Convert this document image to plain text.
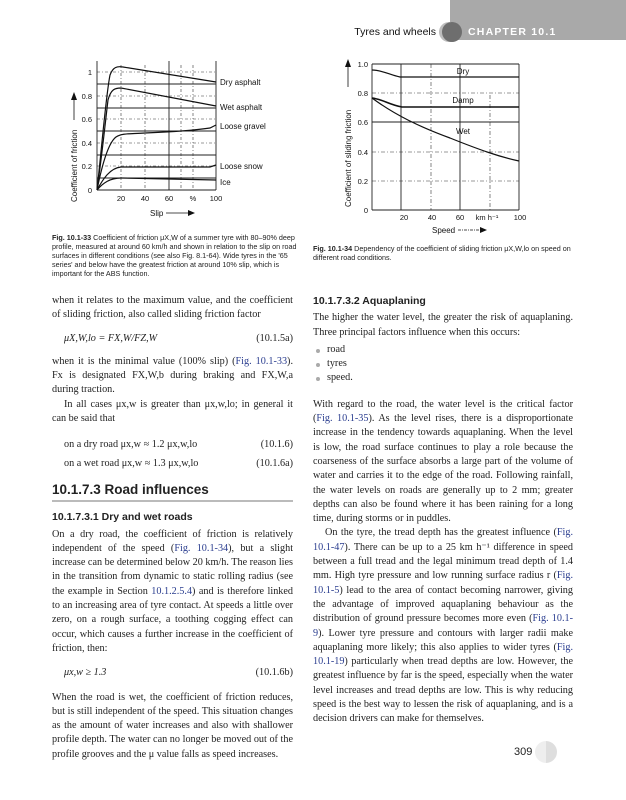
Tyres and wheels	CHAPTER 10.1
Dry asphalt
Wet asphalt
Loose gravel
Loose snow
Ice
0
0.2
0.4
0.6
0.8
1
20 40 60 % 100
Slip
Coefficient of friction
Fig. 10.1-33 Coefficient of friction μX,W of a summer tyre with 80–90% deep profile, measured at around 60 km/h and shown in relation to the slip on road surfaces in different conditions (see also Fig. 8.1-64). Wide tyres in the '65 series' and below have the greatest friction at around 10% slip, which is important for the ABS function.
Dry
Damp
Wet
0
0.2
0.4
0.6
0.8
1.0
20	40	60 km h⁻¹ 100
Speed
Coefficient of sliding friction
Fig. 10.1-34 Dependency of the coefficient of sliding friction μX,W,lo on speed on different road conditions.

when it relates to the maximum value, and the coefficient of sliding friction, also called sliding friction factor

μX,W,lo = FX,W/FZ,W	(10.1.5a)

when it is the minimal value (100% slip) (Fig. 10.1-33). Fx is designated FX,W,b during braking and FX,W,a during traction.

In all cases μx,w is greater than μx,w,lo; in general it can be said that

on a dry road μx,w ≈ 1.2 μx,w,lo	(10.1.6)
on a wet road μx,w ≈ 1.3 μx,w,lo	(10.1.6a)
10.1.7.3 Road influences
10.1.7.3.1 Dry and wet roads

On a dry road, the coefficient of friction is relatively independent of the speed (Fig. 10.1-34), but a slight increase can be determined below 20 km/h. The reason lies in the transition from dynamic to static rolling radius (see the example in Section 10.1.2.5.4) and is therefore linked to an increasing area of tyre contact. At speeds a little over zero, on a rough surface, a toothing cogging effect can occur, which causes a further increase in the coefficient of friction, then:

μx,w ≥ 1.3	(10.1.6b)

When the road is wet, the coefficient of friction reduces, but is still independent of the speed. This situation changes as the amount of water increases and also with shallower profile depth. The water can no longer be moved out of the profile grooves and the μ value falls as speed increases.

10.1.7.3.2 Aquaplaning

The higher the water level, the greater the risk of aquaplaning. Three principal factors influence when this occurs:

road
tyres
speed.

With regard to the road, the water level is the critical factor (Fig. 10.1-35). As the level rises, there is a disproportionate increase in the tendency towards aquaplaning. When the level is low, the road surface continues to play a role because the coarseness of the surface absorbs a large part of the volume of water and carries it to the edge of the road. Following rainfall, the water levels on roads are generally up to 2 mm; greater depths can also be found where it has been raining for a long time, during storms or in puddles.

On the tyre, the tread depth has the greatest influence (Fig. 10.1-47). There can be up to a 25 km h⁻¹ difference in speed between a full tread and the legal minimum tread depth of 1.4 mm. High tyre pressure and low running surface radius r (Fig. 10.1-5) lead to the area of contact becoming narrower, giving the advantage of improved aquaplaning behaviour as the distribution of ground pressure becomes more even (Fig. 10.1-9). Lower tyre pressure and contours with larger radii make aquaplaning more likely; this also applies to wider tyres (Fig. 10.1-19) particularly when tread depths are low. However, the greatest influence by far is the speed, especially when the water level increases and tread depths are low. This is why reducing speed is the best way to lessen the risk of aquaplaning, and is a decision drivers can make for themselves.

309
